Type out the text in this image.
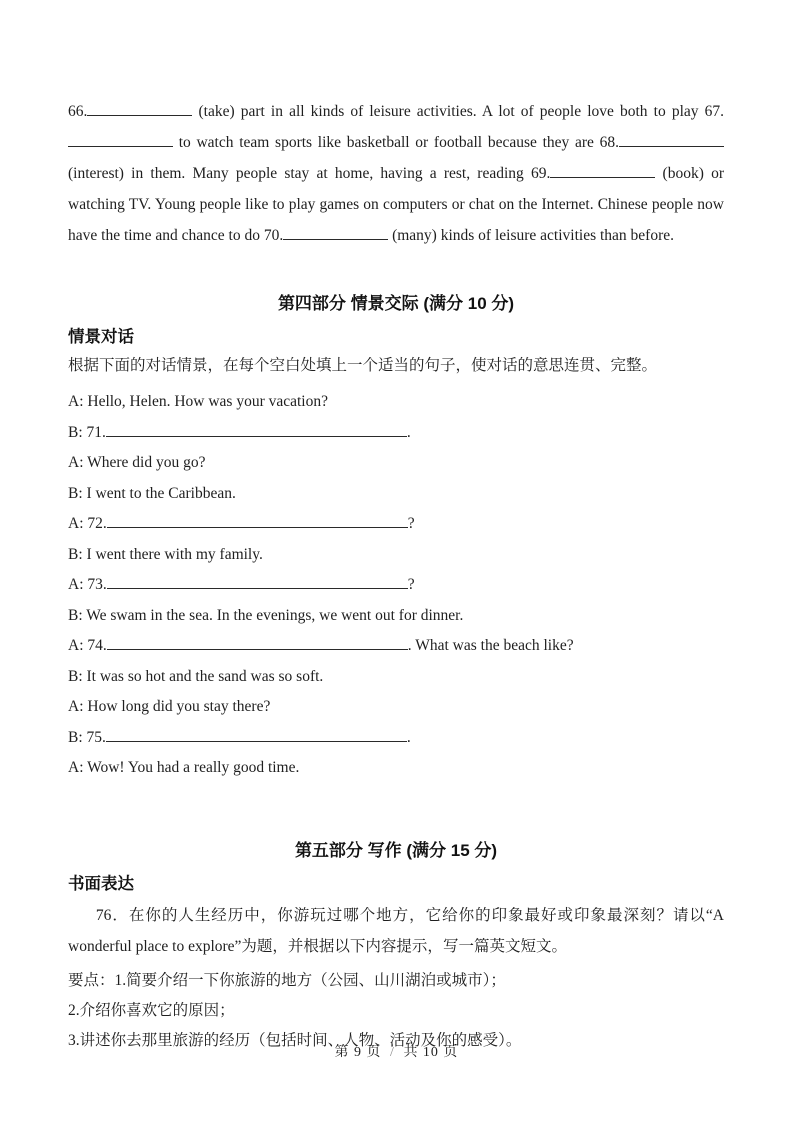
66.	(take) part in all kinds of leisure activities. A lot of people love both to play 67. to watch team sports like basketball or football because they are 68. (interest) in them. Many people stay at home, having a rest, reading 69.	(book) or watching TV. Young people like to play games on computers or chat on the Internet. Chinese people now have the time and chance to do 70.	(many) kinds of leisure activities than before.

第四部分 情景交际 (满分 10 分)
情景对话

根据下面的对话情景，在每个空白处填上一个适当的句子，使对话的意思连贯、完整。

A: Hello, Helen. How was your vacation?

B: 71.	.

A: Where did you go?

B: I went to the Caribbean.

A: 72.	?

B: I went there with my family.

A: 73.	?

B: We swam in the sea. In the evenings, we went out for dinner.

A: 74.	. What was the beach like?

B: It was so hot and the sand was so soft.

A: How long did you stay there?

B: 75.	.

A: Wow! You had a really good time.

第五部分 写作 (满分 15 分)
书面表达

76．在你的人生经历中，你游玩过哪个地方，它给你的印象最好或印象最深刻？请以“A wonderful place to explore”为题，并根据以下内容提示，写一篇英文短文。

要点：1.简要介绍一下你旅游的地方（公园、山川湖泊或城市）；

2.介绍你喜欢它的原因；

3.讲述你去那里旅游的经历（包括时间、人物、活动及你的感受）。

第 9 页 / 共 10 页
